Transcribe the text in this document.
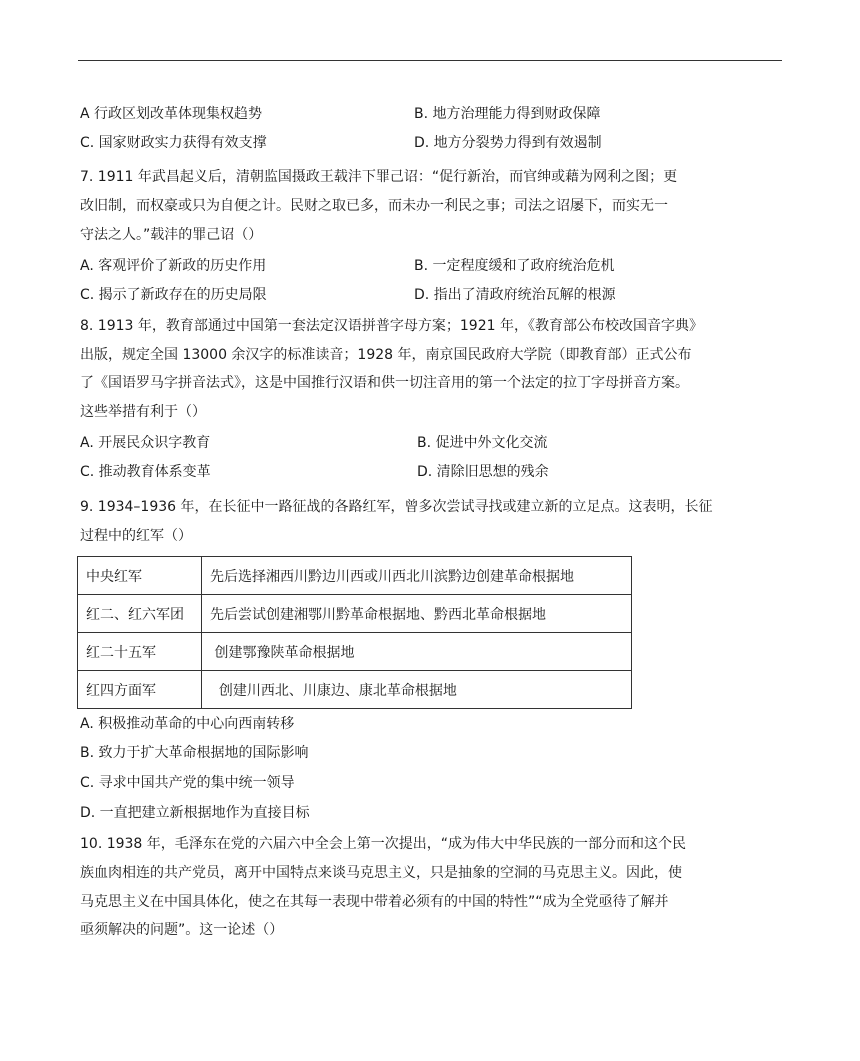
A 行政区划改革体现集权趋势	B. 地方治理能力得到财政保障
C. 国家财政实力获得有效支撑	D. 地方分裂势力得到有效遏制
7. 1911 年武昌起义后，清朝监国摄政王载沣下罪己诏：“促行新治，而官绅或藉为网利之图；更
改旧制，而权豪或只为自便之计。民财之取已多，而未办一利民之事；司法之诏屡下，而实无一
守法之人。”载沣的罪己诏（）
A. 客观评价了新政的历史作用	B. 一定程度缓和了政府统治危机
C. 揭示了新政存在的历史局限	D. 指出了清政府统治瓦解的根源
8. 1913 年，教育部通过中国第一套法定汉语拼普字母方案；1921 年，《教育部公布校改国音字典》
出版，规定全国 13000 余汉字的标准读音；1928 年，南京国民政府大学院（即教育部）正式公布
了《国语罗马字拼音法式》，这是中国推行汉语和供一切注音用的第一个法定的拉丁字母拼音方案。
这些举措有利于（）
A. 开展民众识字教育	B. 促进中外文化交流
C. 推动教育体系变革	D. 清除旧思想的残余
9. 1934–1936 年，在长征中一路征战的各路红军，曾多次尝试寻找或建立新的立足点。这表明，长征
过程中的红军（）
中央红军	先后选择湘西川黔边川西或川西北川滨黔边创建革命根据地
红二、红六军团	先后尝试创建湘鄂川黔革命根据地、黔西北革命根据地
红二十五军	创建鄂豫陕革命根据地
红四方面军	创建川西北、川康边、康北革命根据地
A. 积极推动革命的中心向西南转移
B. 致力于扩大革命根据地的国际影响
C. 寻求中国共产党的集中统一领导
D. 一直把建立新根据地作为直接目标
10. 1938 年，毛泽东在党的六届六中全会上第一次提出，“成为伟大中华民族的一部分而和这个民
族血肉相连的共产党员，离开中国特点来谈马克思主义，只是抽象的空洞的马克思主义。因此，使
马克思主义在中国具体化，使之在其每一表现中带着必须有的中国的特性”“成为全党亟待了解并
亟须解决的问题”。这一论述（）
